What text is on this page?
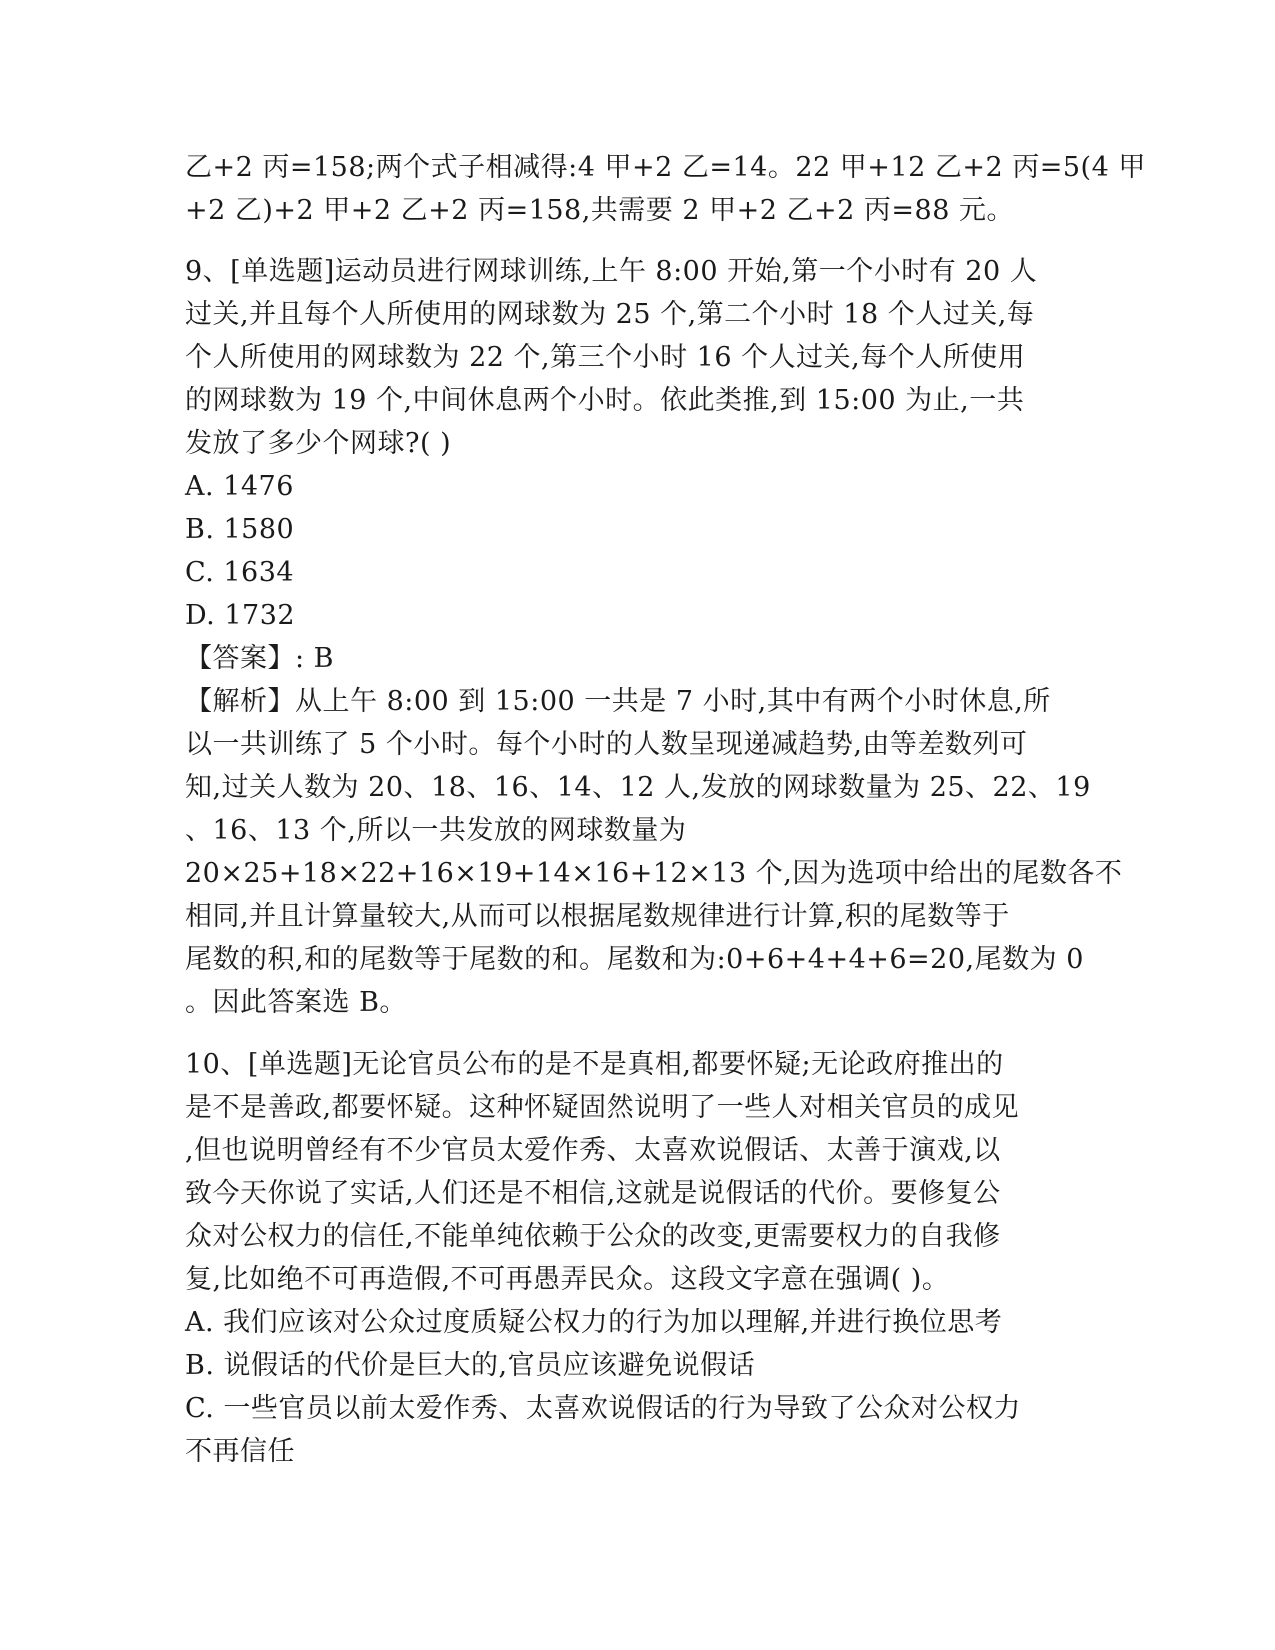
乙+2 丙=158;两个式子相减得:4 甲+2 乙=14。22 甲+12 乙+2 丙=5(4 甲
+2 乙)+2 甲+2 乙+2 丙=158,共需要 2 甲+2 乙+2 丙=88 元。
9、[单选题]运动员进行网球训练,上午 8:00 开始,第一个小时有 20 人
过关,并且每个人所使用的网球数为 25 个,第二个小时 18 个人过关,每
个人所使用的网球数为 22 个,第三个小时 16 个人过关,每个人所使用
的网球数为 19 个,中间休息两个小时。依此类推,到 15:00 为止,一共
发放了多少个网球?( )
A. 1476
B. 1580
C. 1634
D. 1732
【答案】: B
【解析】从上午 8:00 到 15:00 一共是 7 小时,其中有两个小时休息,所
以一共训练了 5 个小时。每个小时的人数呈现递减趋势,由等差数列可
知,过关人数为 20、18、16、14、12 人,发放的网球数量为 25、22、19
、16、13 个,所以一共发放的网球数量为
20×25+18×22+16×19+14×16+12×13 个,因为选项中给出的尾数各不
相同,并且计算量较大,从而可以根据尾数规律进行计算,积的尾数等于
尾数的积,和的尾数等于尾数的和。尾数和为:0+6+4+4+6=20,尾数为 0
。因此答案选 B。
10、[单选题]无论官员公布的是不是真相,都要怀疑;无论政府推出的
是不是善政,都要怀疑。这种怀疑固然说明了一些人对相关官员的成见
,但也说明曾经有不少官员太爱作秀、太喜欢说假话、太善于演戏,以
致今天你说了实话,人们还是不相信,这就是说假话的代价。要修复公
众对公权力的信任,不能单纯依赖于公众的改变,更需要权力的自我修
复,比如绝不可再造假,不可再愚弄民众。这段文字意在强调( )。
A. 我们应该对公众过度质疑公权力的行为加以理解,并进行换位思考
B. 说假话的代价是巨大的,官员应该避免说假话
C. 一些官员以前太爱作秀、太喜欢说假话的行为导致了公众对公权力
不再信任
